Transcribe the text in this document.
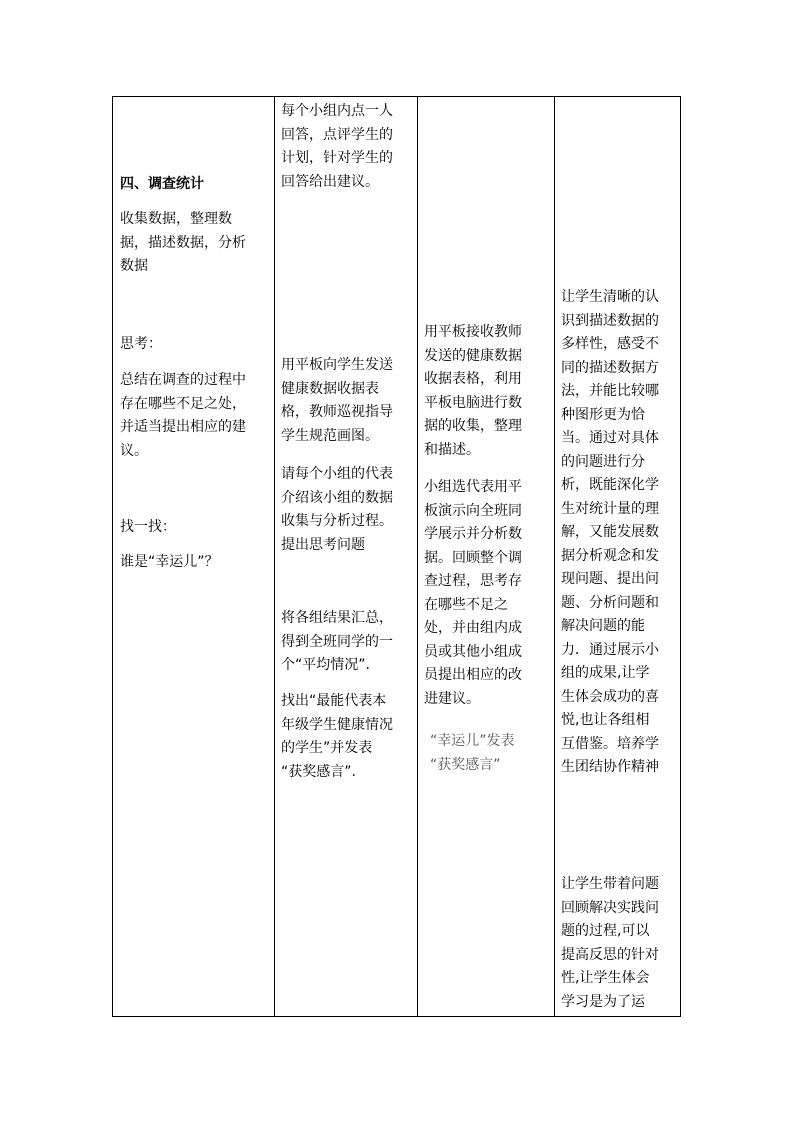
四、调查统计

收集数据，整理数
据，描述数据，分析
数据

思考：

总结在调查的过程中
存在哪些不足之处，
并适当提出相应的建
议。

找一找：

谁是“幸运儿”？

每个小组内点一人
回答，点评学生的
计划，针对学生的
回答给出建议。
用平板向学生发送
健康数据收据表
格，教师巡视指导
学生规范画图。
请每个小组的代表
介绍该小组的数据
收集与分析过程。
提出思考问题
将各组结果汇总，
得到全班同学的一
个“平均情况”.
找出“最能代表本
年级学生健康情况
的学生”并发表
“获奖感言”.
用平板接收教师
发送的健康数据
收据表格，利用
平板电脑进行数
据的收集，整理
和描述。
小组选代表用平
板演示向全班同
学展示并分析数
据。回顾整个调
查过程，思考存
在哪些不足之
处，并由组内成
员或其他小组成
员提出相应的改
进建议。
“幸运儿”发表
“获奖感言”
让学生清晰的认
识到描述数据的
多样性，感受不
同的描述数据方
法，并能比较哪
种图形更为恰
当。通过对具体
的问题进行分
析，既能深化学
生对统计量的理
解，又能发展数
据分析观念和发
现问题、提出问
题、分析问题和
解决问题的能
力．通过展示小
组的成果,让学
生体会成功的喜
悦,也让各组相
互借鉴。培养学
生团结协作精神
让学生带着问题
回顾解决实践问
题的过程,可以
提高反思的针对
性,让学生体会
学习是为了运
